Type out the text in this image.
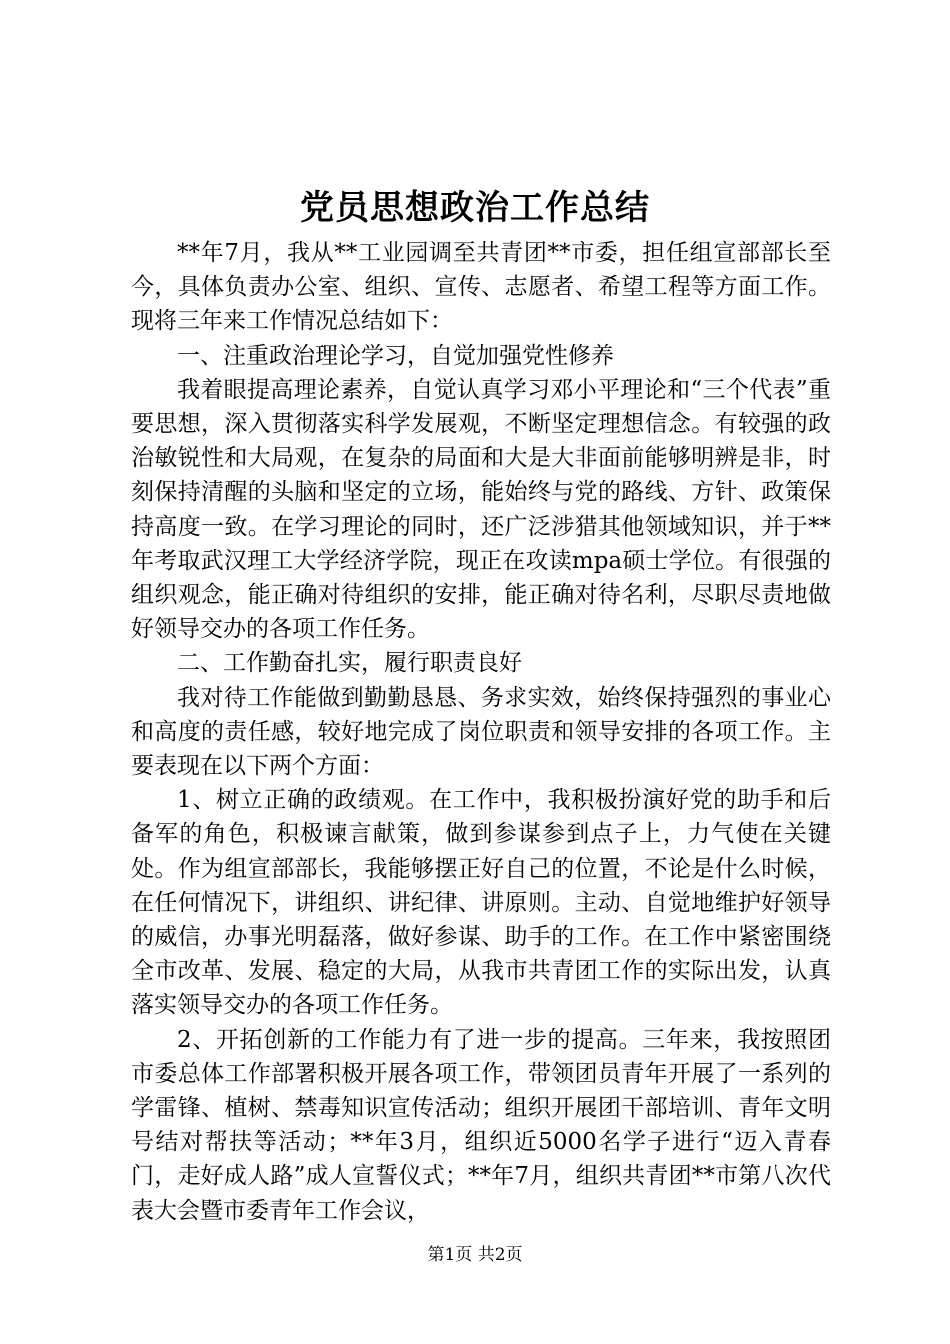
党员思想政治工作总结

**年7月，我从**工业园调至共青团**市委，担任组宣部部长至今，具体负责办公室、组织、宣传、志愿者、希望工程等方面工作。现将三年来工作情况总结如下：

一、注重政治理论学习，自觉加强党性修养

我着眼提高理论素养，自觉认真学习邓小平理论和“三个代表”重要思想，深入贯彻落实科学发展观，不断坚定理想信念。有较强的政治敏锐性和大局观，在复杂的局面和大是大非面前能够明辨是非，时刻保持清醒的头脑和坚定的立场，能始终与党的路线、方针、政策保持高度一致。在学习理论的同时，还广泛涉猎其他领域知识，并于**年考取武汉理工大学经济学院，现正在攻读mpa硕士学位。有很强的组织观念，能正确对待组织的安排，能正确对待名利，尽职尽责地做好领导交办的各项工作任务。

二、工作勤奋扎实，履行职责良好

我对待工作能做到勤勤恳恳、务求实效，始终保持强烈的事业心和高度的责任感，较好地完成了岗位职责和领导安排的各项工作。主要表现在以下两个方面：

1、树立正确的政绩观。在工作中，我积极扮演好党的助手和后备军的角色，积极谏言献策，做到参谋参到点子上，力气使在关键处。作为组宣部部长，我能够摆正好自己的位置，不论是什么时候，在任何情况下，讲组织、讲纪律、讲原则。主动、自觉地维护好领导的威信，办事光明磊落，做好参谋、助手的工作。在工作中紧密围绕全市改革、发展、稳定的大局，从我市共青团工作的实际出发，认真落实领导交办的各项工作任务。

2、开拓创新的工作能力有了进一步的提高。三年来，我按照团市委总体工作部署积极开展各项工作，带领团员青年开展了一系列的学雷锋、植树、禁毒知识宣传活动；组织开展团干部培训、青年文明号结对帮扶等活动；**年3月，组织近5000名学子进行“迈入青春门，走好成人路”成人宣誓仪式；**年7月，组织共青团**市第八次代表大会暨市委青年工作会议，

第1页 共2页
